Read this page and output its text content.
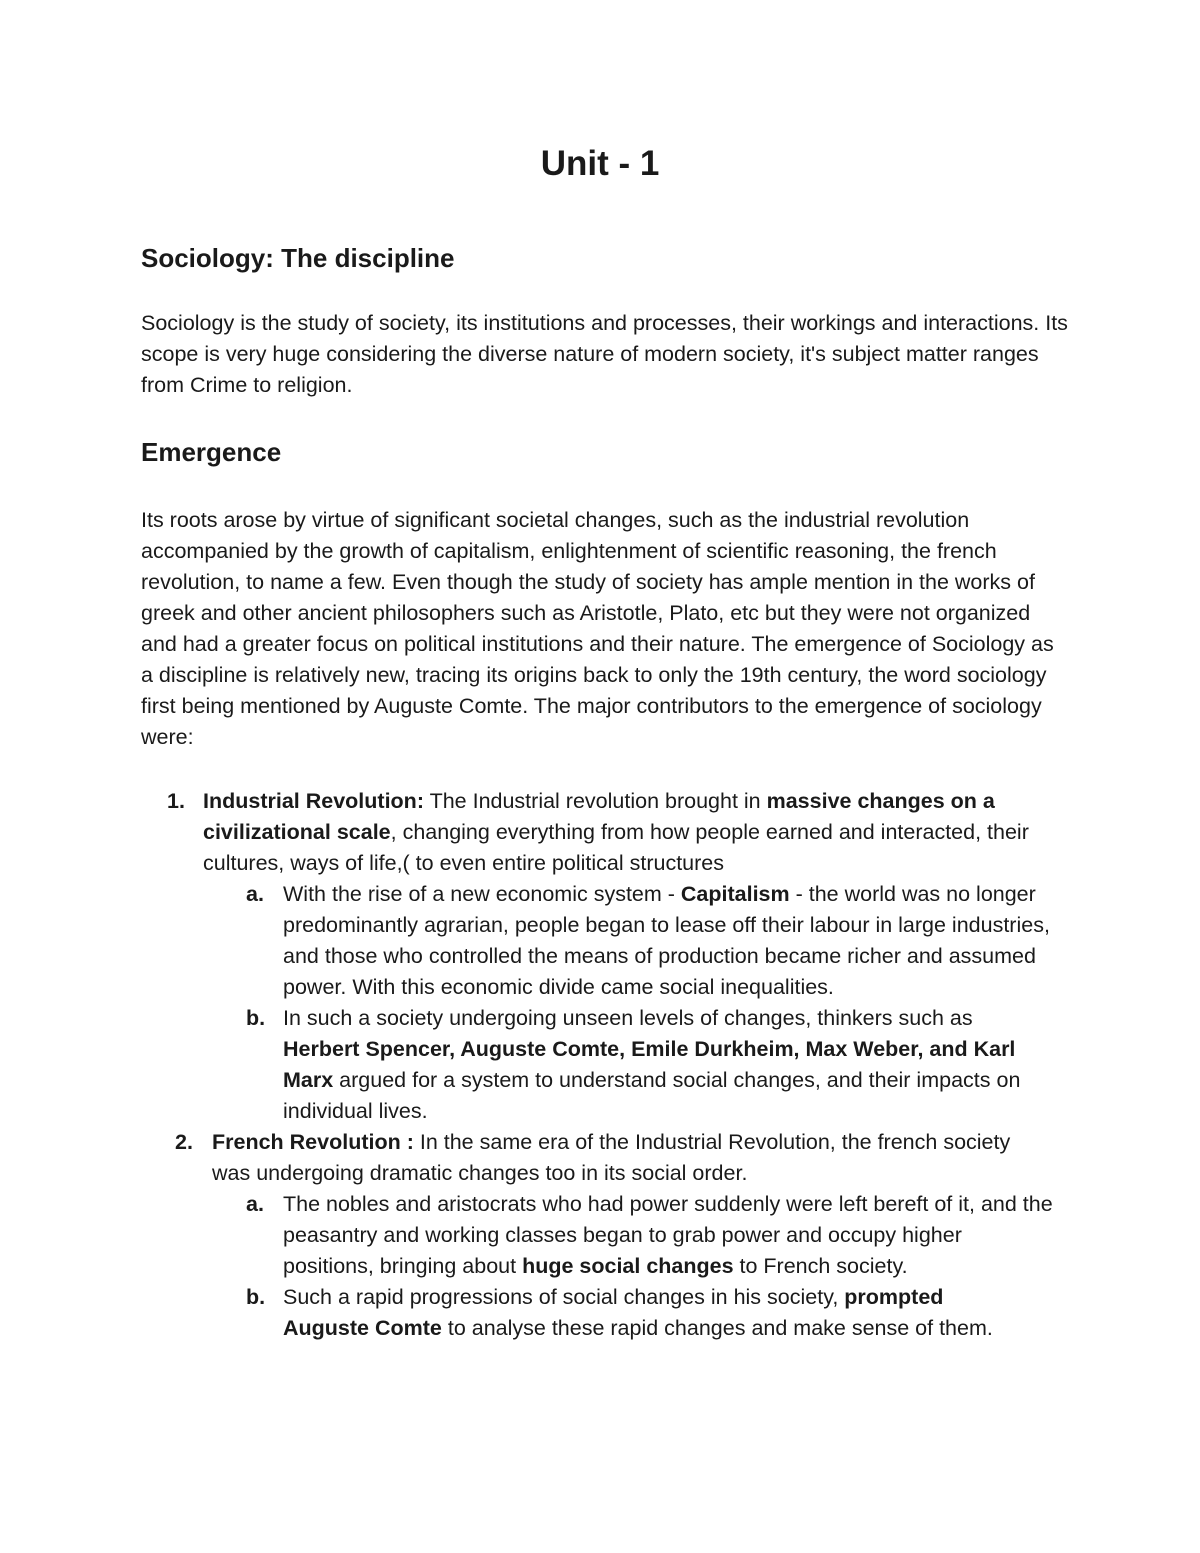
Unit - 1
Sociology: The discipline

Sociology is the study of society, its institutions and processes, their workings and interactions. Its scope is very huge considering the diverse nature of modern society, it's subject matter ranges from Crime to religion.

Emergence

Its roots arose by virtue of significant societal changes, such as the industrial revolution accompanied by the growth of capitalism, enlightenment of scientific reasoning, the french revolution, to name a few. Even though the study of society has ample mention in the works of greek and other ancient philosophers such as Aristotle, Plato, etc but they were not organized and had a greater focus on political institutions and their nature. The emergence of Sociology as a discipline is relatively new, tracing its origins back to only the 19th century, the word sociology first being mentioned by Auguste Comte. The major contributors to the emergence of sociology were:

1. Industrial Revolution: The Industrial revolution brought in massive changes on a civilizational scale, changing everything from how people earned and interacted, their cultures, ways of life,( to even entire political structures
a. With the rise of a new economic system - Capitalism - the world was no longer predominantly agrarian, people began to lease off their labour in large industries, and those who controlled the means of production became richer and assumed power. With this economic divide came social inequalities.
b. In such a society undergoing unseen levels of changes, thinkers such as Herbert Spencer, Auguste Comte, Emile Durkheim, Max Weber, and Karl Marx argued for a system to understand social changes, and their impacts on individual lives.
2. French Revolution : In the same era of the Industrial Revolution, the french society was undergoing dramatic changes too in its social order.
a. The nobles and aristocrats who had power suddenly were left bereft of it, and the peasantry and working classes began to grab power and occupy higher positions, bringing about huge social changes to French society.
b. Such a rapid progressions of social changes in his society, prompted Auguste Comte to analyse these rapid changes and make sense of them.
